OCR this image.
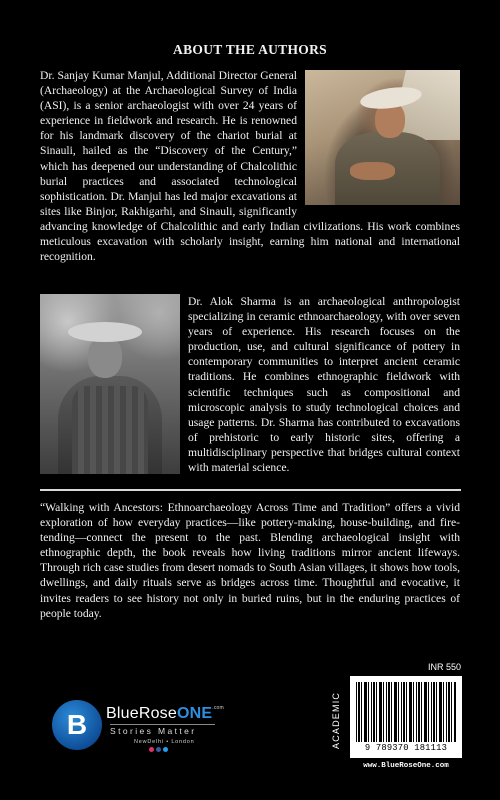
ABOUT THE AUTHORS
Dr. Sanjay Kumar Manjul, Additional Director General (Archaeology) at the Archaeological Survey of India (ASI), is a senior archaeologist with over 24 years of experience in fieldwork and research. He is renowned for his landmark discovery of the chariot burial at Sinauli, hailed as the “Discovery of the Century,” which has deepened our understanding of Chalcolithic burial practices and associated technological sophistication. Dr. Manjul has led major excavations at sites like Binjor, Rakhigarhi, and Sinauli, significantly advancing knowledge of Chalcolithic and early Indian civilizations. His work combines meticulous excavation with scholarly insight, earning him national and international recognition.
Dr. Alok Sharma is an archaeological anthropologist specializing in ceramic ethnoarchaeology, with over seven years of experience. His research focuses on the production, use, and cultural significance of pottery in contemporary communities to interpret ancient ceramic traditions. He combines ethnographic fieldwork with scientific techniques such as compositional and microscopic analysis to study technological choices and usage patterns. Dr. Sharma has contributed to excavations of prehistoric to early historic sites, offering a multidisciplinary perspective that bridges cultural context with material science.
“Walking with Ancestors: Ethnoarchaeology Across Time and Tradition” offers a vivid exploration of how everyday practices—like pottery-making, house-building, and fire-tending—connect the present to the past. Blending archaeological insight with ethnographic depth, the book reveals how living traditions mirror ancient lifeways. Through rich case studies from desert nomads to South Asian villages, it shows how tools, dwellings, and daily rituals serve as bridges across time. Thoughtful and evocative, it invites readers to see history not only in buried ruins, but in the enduring practices of people today.
B	BlueRoseONE$^{.com}$
Stories Matter
NewDelhi • London
INR 550
ACADEMIC	9 789370 181113
www.BlueRoseOne.com
